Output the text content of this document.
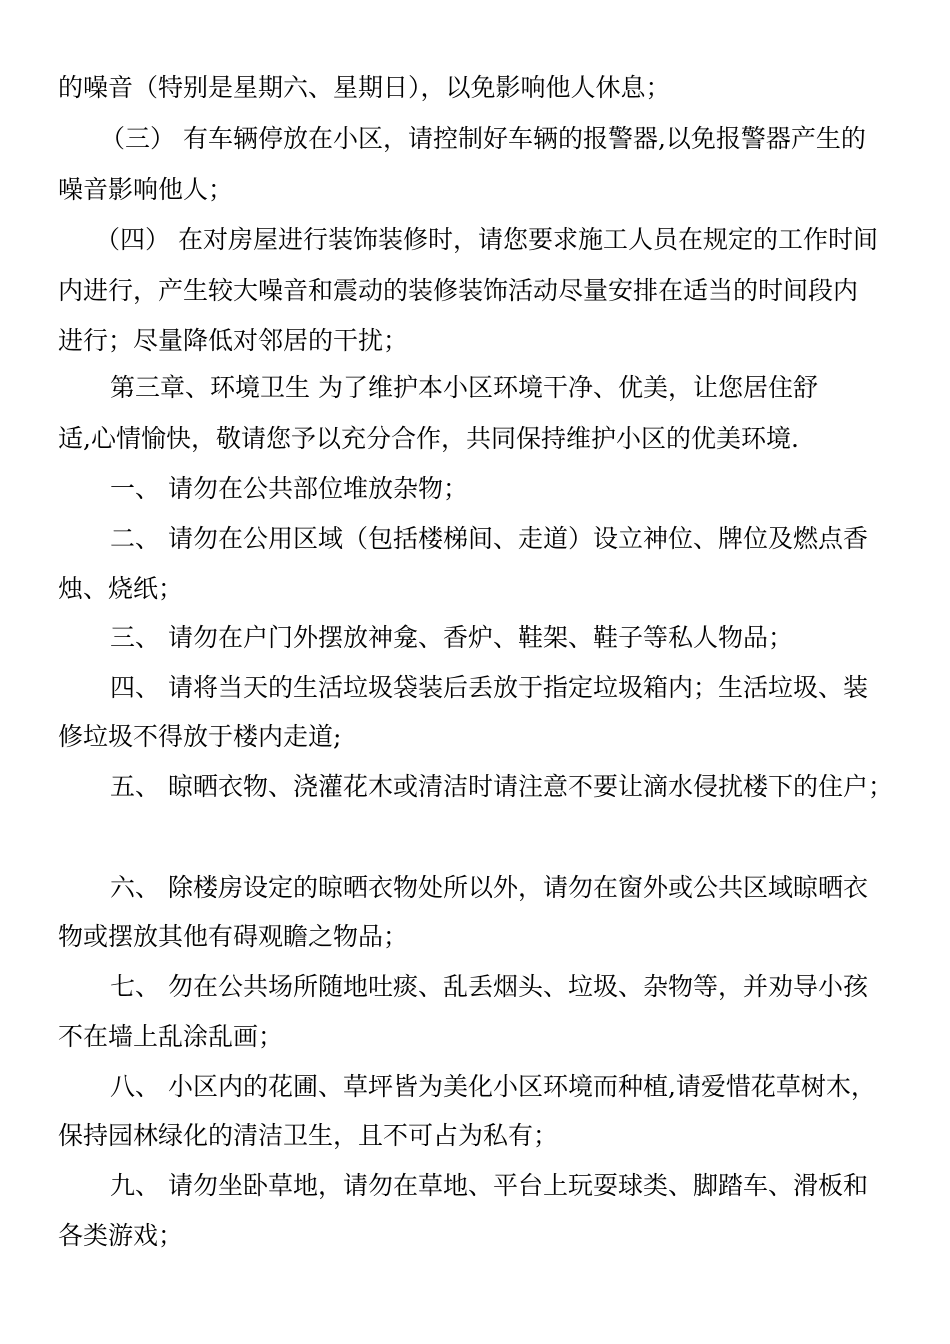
的噪音（特别是星期六、星期日），以免影响他人休息；

（三） 有车辆停放在小区，请控制好车辆的报警器,以免报警器产生的

噪音影响他人；

（四） 在对房屋进行装饰装修时，请您要求施工人员在规定的工作时间

内进行，产生较大噪音和震动的装修装饰活动尽量安排在适当的时间段内

进行；尽量降低对邻居的干扰；

第三章、环境卫生 为了维护本小区环境干净、优美，让您居住舒

适,心情愉快，敬请您予以充分合作，共同保持维护小区的优美环境.

一、 请勿在公共部位堆放杂物；

二、 请勿在公用区域（包括楼梯间、走道）设立神位、牌位及燃点香

烛、烧纸；

三、 请勿在户门外摆放神龛、香炉、鞋架、鞋子等私人物品；

四、 请将当天的生活垃圾袋装后丢放于指定垃圾箱内；生活垃圾、装

修垃圾不得放于楼内走道;

五、 晾晒衣物、浇灌花木或清洁时请注意不要让滴水侵扰楼下的住户；

六、 除楼房设定的晾晒衣物处所以外，请勿在窗外或公共区域晾晒衣

物或摆放其他有碍观瞻之物品；

七、 勿在公共场所随地吐痰、乱丢烟头、垃圾、杂物等，并劝导小孩

不在墙上乱涂乱画；

八、 小区内的花圃、草坪皆为美化小区环境而种植,请爱惜花草树木，

保持园林绿化的清洁卫生，且不可占为私有；

九、 请勿坐卧草地，请勿在草地、平台上玩耍球类、脚踏车、滑板和

各类游戏；
